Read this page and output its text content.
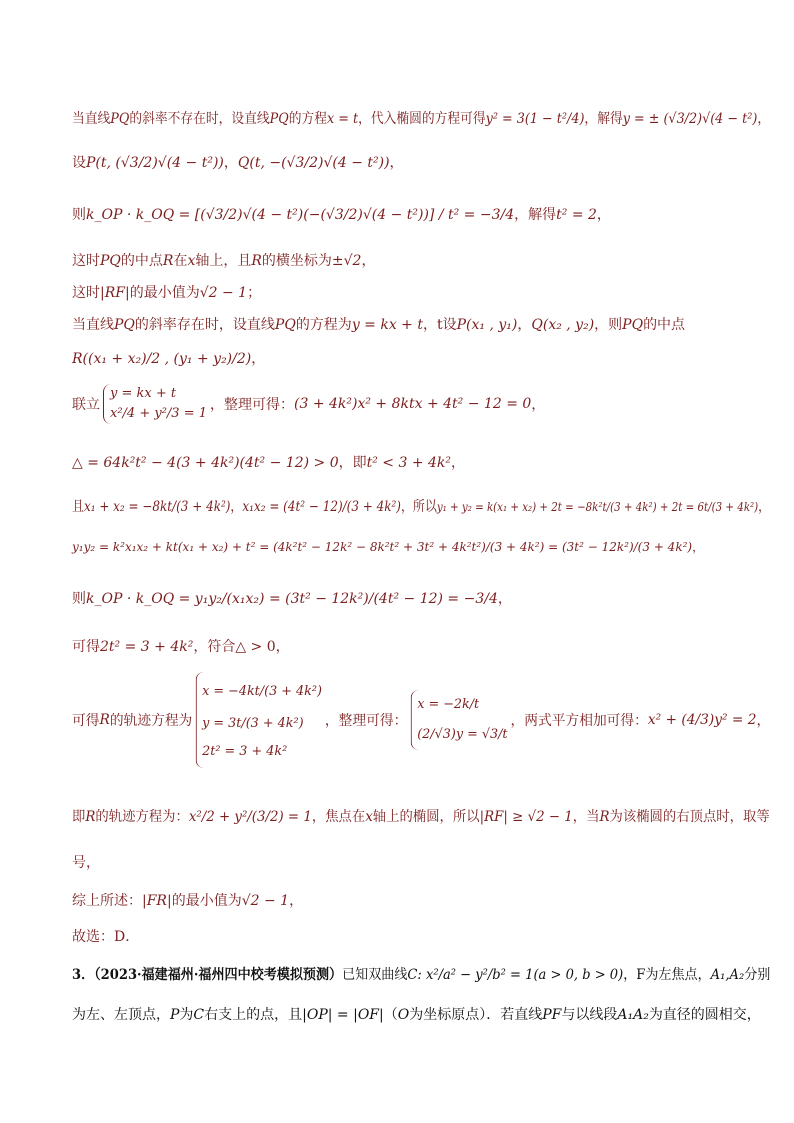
当直线PQ的斜率不存在时，设直线PQ的方程x = t，代入椭圆的方程可得y² = 3(1 − t²/4)，解得y = ± (√3/2)√(4 − t²)，
设P(t, (√3/2)√(4 − t²))，Q(t, −(√3/2)√(4 − t²))，
则k_OP · k_OQ = [(√3/2)√(4 − t²)(−(√3/2)√(4 − t²))] / t² = −3/4，解得t² = 2，
这时PQ的中点R在x轴上，且R的横坐标为±√2，
这时|RF|的最小值为√2 − 1；
当直线PQ的斜率存在时，设直线PQ的方程为y = kx + t，t设P(x₁ , y₁)，Q(x₂ , y₂)，则PQ的中点
R((x₁ + x₂)/2 , (y₁ + y₂)/2)，
联立
y = kx + t
x²/4 + y²/3 = 1
，整理可得：(3 + 4k²)x² + 8ktx + 4t² − 12 = 0，
△ = 64k²t² − 4(3 + 4k²)(4t² − 12) > 0，即t² < 3 + 4k²，
且x₁ + x₂ = −8kt/(3 + 4k²)，x₁x₂ = (4t² − 12)/(3 + 4k²)，所以y₁ + y₂ = k(x₁ + x₂) + 2t = −8k²t/(3 + 4k²) + 2t = 6t/(3 + 4k²)，
y₁y₂ = k²x₁x₂ + kt(x₁ + x₂) + t² = (4k²t² − 12k² − 8k²t² + 3t² + 4k²t²)/(3 + 4k²) = (3t² − 12k²)/(3 + 4k²)，
则k_OP · k_OQ = y₁y₂/(x₁x₂) = (3t² − 12k²)/(4t² − 12) = −3/4，
可得2t² = 3 + 4k²，符合△ > 0，
可得R的轨迹方程为
x = −4kt/(3 + 4k²)
y = 3t/(3 + 4k²)
2t² = 3 + 4k²
，整理可得：
x = −2k/t
(2/√3)y = √3/t
，两式平方相加可得：x² + (4/3)y² = 2，
即R的轨迹方程为：x²/2 + y²/(3/2) = 1，焦点在x轴上的椭圆，所以|RF| ≥ √2 − 1，当R为该椭圆的右顶点时，取等
号，
综上所述：|FR|的最小值为√2 − 1，
故选：D．
3．（2023·福建福州·福州四中校考模拟预测）已知双曲线C: x²/a² − y²/b² = 1(a > 0, b > 0)，F为左焦点，A₁,A₂分别
为左、左顶点，P为C右支上的点，且|OP| = |OF|（O为坐标原点）．若直线PF与以线段A₁A₂为直径的圆相交，
